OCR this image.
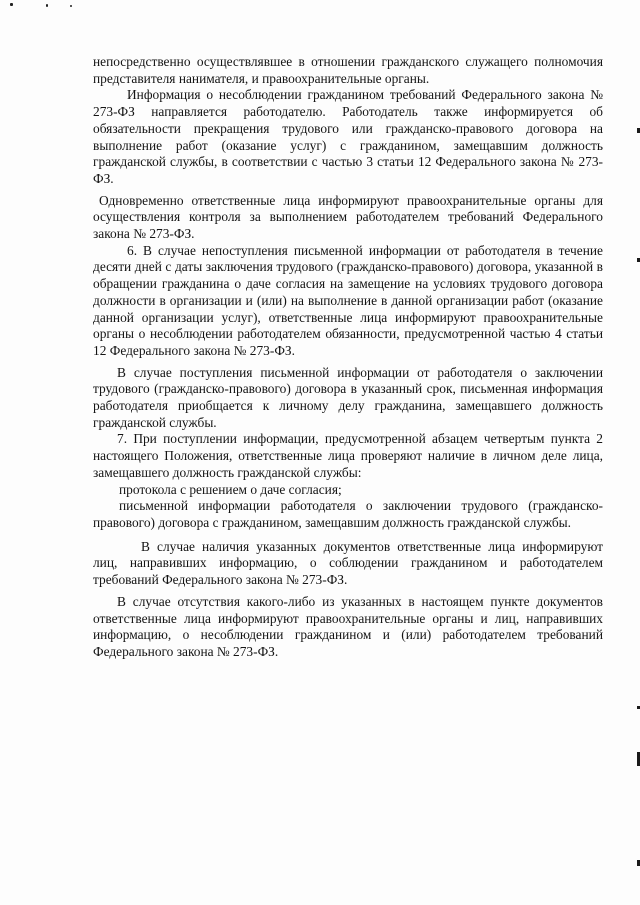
непосредственно осуществлявшее в отношении гражданского служащего полномочия представителя нанимателя, и правоохранительные органы.

Информация о несоблюдении гражданином требований Федерального закона № 273-ФЗ направляется работодателю. Работодатель также информируется об обязательности прекращения трудового или гражданско-правового договора на выполнение работ (оказание услуг) с гражданином, замещавшим должность гражданской службы, в соответствии с частью 3 статьи 12 Федерального закона № 273-ФЗ.

Одновременно ответственные лица информируют правоохранительные органы для осуществления контроля за выполнением работодателем требований Федерального закона № 273-ФЗ.

6. В случае непоступления письменной информации от работодателя в течение десяти дней с даты заключения трудового (гражданско-правового) договора, указанной в обращении гражданина о даче согласия на замещение на условиях трудового договора должности в организации и (или) на выполнение в данной организации работ (оказание данной организации услуг), ответственные лица информируют правоохранительные органы о несоблюдении работодателем обязанности, предусмотренной частью 4 статьи 12 Федерального закона № 273-ФЗ.

В случае поступления письменной информации от работодателя о заключении трудового (гражданско-правового) договора в указанный срок, письменная информация работодателя приобщается к личному делу гражданина, замещавшего должность гражданской службы.

7. При поступлении информации, предусмотренной абзацем четвертым пункта 2 настоящего Положения, ответственные лица проверяют наличие в личном деле лица, замещавшего должность гражданской службы:

протокола с решением о даче согласия;

письменной информации работодателя о заключении трудового (гражданско-правового) договора с гражданином, замещавшим должность гражданской службы.

В случае наличия указанных документов ответственные лица информируют лиц, направивших информацию, о соблюдении гражданином и работодателем требований Федерального закона № 273-ФЗ.

В случае отсутствия какого-либо из указанных в настоящем пункте документов ответственные лица информируют правоохранительные органы и лиц, направивших информацию, о несоблюдении гражданином и (или) работодателем требований Федерального закона № 273-ФЗ.
